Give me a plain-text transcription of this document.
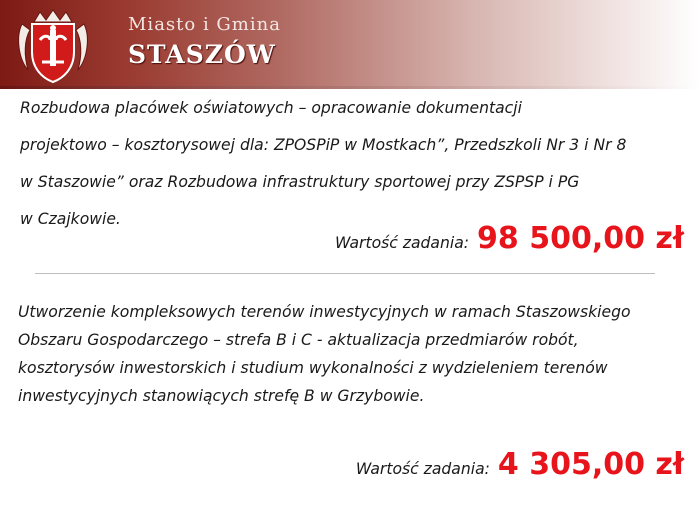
Miasto i Gmina
STASZÓW
Rozbudowa placówek oświatowych – opracowanie dokumentacji
projektowo – kosztorysowej dla: ZPOSPiP w Mostkach”, Przedszkoli Nr 3 i Nr 8
w Staszowie” oraz Rozbudowa infrastruktury sportowej przy ZSPSP i PG
w Czajkowie.
Wartość zadania: 98 500,00 zł
Utworzenie kompleksowych terenów inwestycyjnych w ramach Staszowskiego
Obszaru Gospodarczego – strefa B i C - aktualizacja przedmiarów robót,
kosztorysów inwestorskich i studium wykonalności z wydzieleniem terenów
inwestycyjnych stanowiących strefę B w Grzybowie.
Wartość zadania: 4 305,00 zł
